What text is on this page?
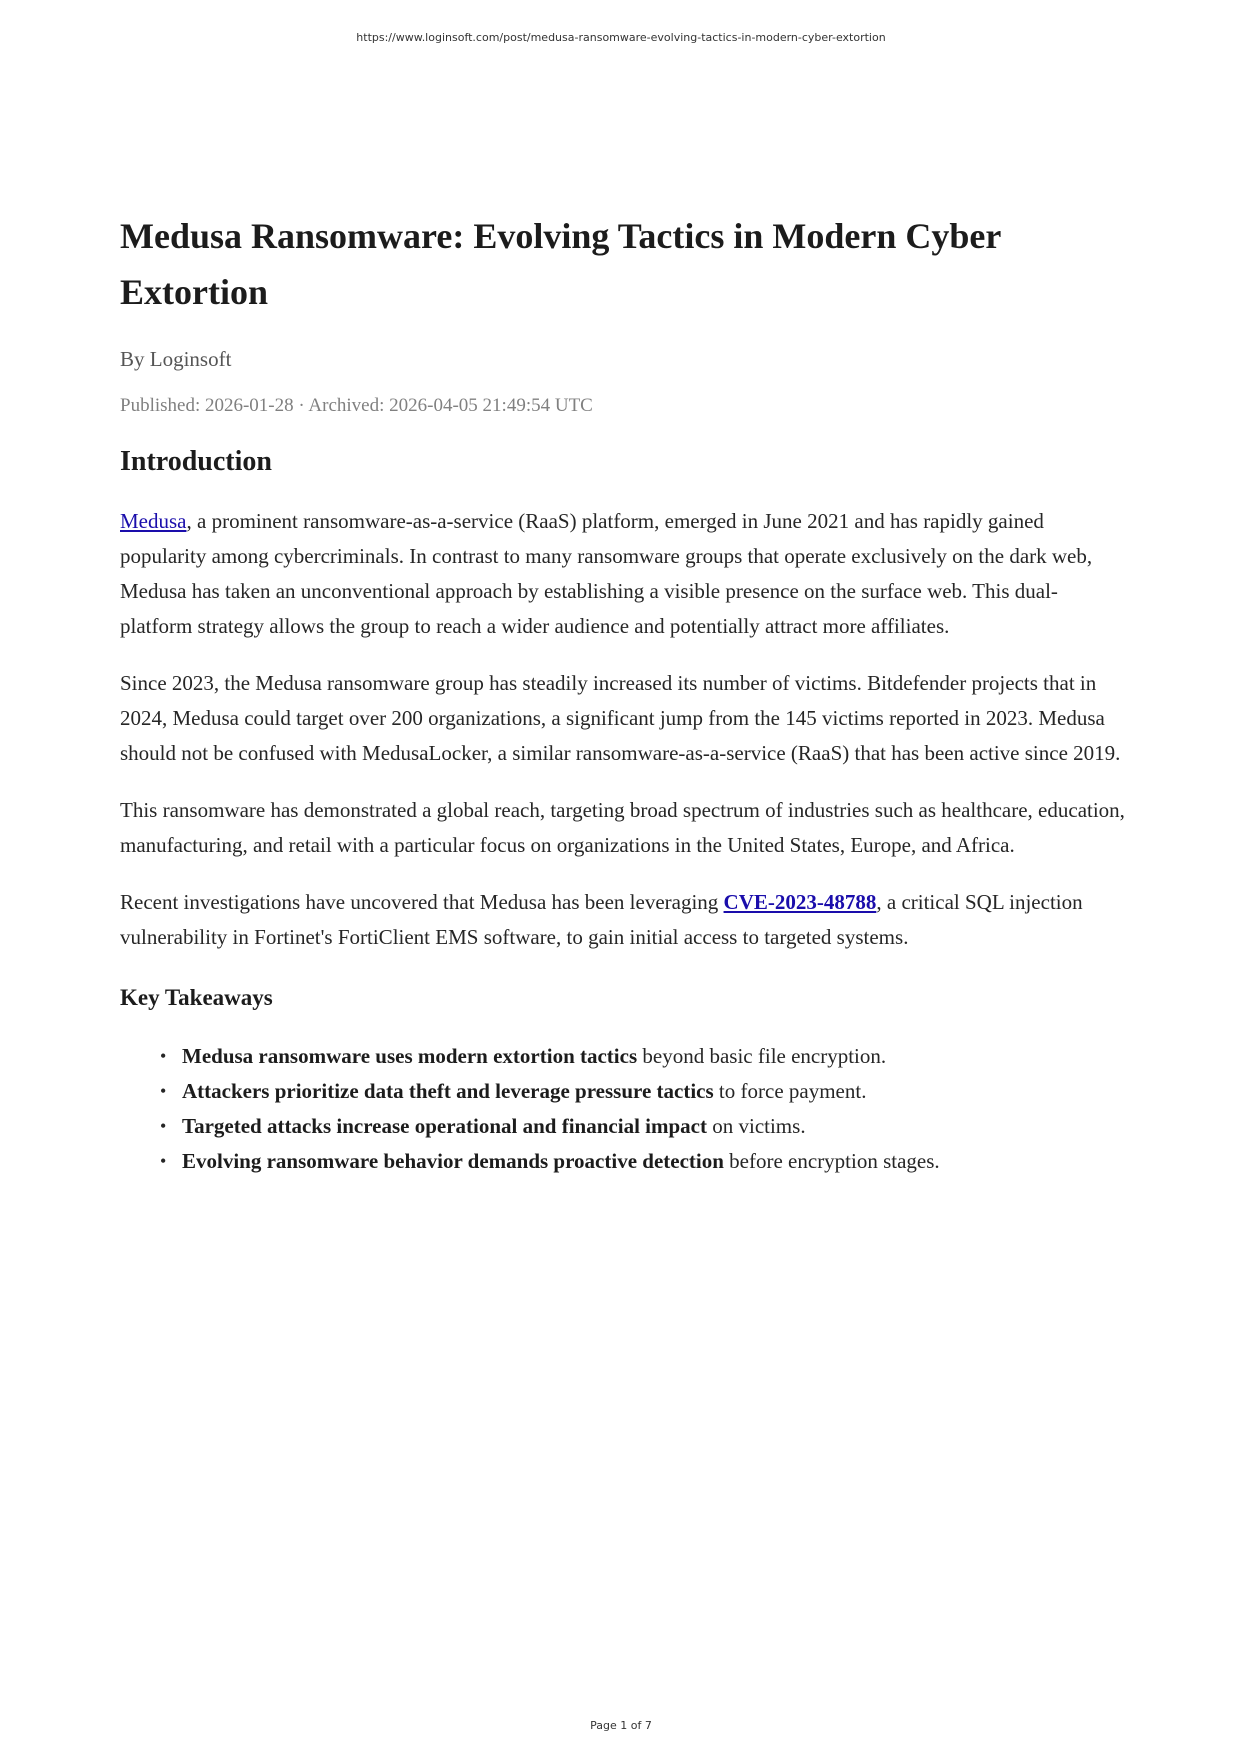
https://www.loginsoft.com/post/medusa-ransomware-evolving-tactics-in-modern-cyber-extortion
Medusa Ransomware: Evolving Tactics in Modern Cyber Extortion

By Loginsoft

Published: 2026-01-28 · Archived: 2026-04-05 21:49:54 UTC

Introduction

Medusa, a prominent ransomware-as-a-service (RaaS) platform, emerged in June 2021 and has rapidly gained popularity among cybercriminals. In contrast to many ransomware groups that operate exclusively on the dark web, Medusa has taken an unconventional approach by establishing a visible presence on the surface web. This dual-platform strategy allows the group to reach a wider audience and potentially attract more affiliates.

Since 2023, the Medusa ransomware group has steadily increased its number of victims. Bitdefender projects that in 2024, Medusa could target over 200 organizations, a significant jump from the 145 victims reported in 2023. Medusa should not be confused with MedusaLocker, a similar ransomware-as-a-service (RaaS) that has been active since 2019.

This ransomware has demonstrated a global reach, targeting broad spectrum of industries such as healthcare, education, manufacturing, and retail with a particular focus on organizations in the United States, Europe, and Africa.

Recent investigations have uncovered that Medusa has been leveraging CVE-2023-48788, a critical SQL injection vulnerability in Fortinet's FortiClient EMS software, to gain initial access to targeted systems.

Key Takeaways
• Medusa ransomware uses modern extortion tactics beyond basic file encryption.
• Attackers prioritize data theft and leverage pressure tactics to force payment.
• Targeted attacks increase operational and financial impact on victims.
• Evolving ransomware behavior demands proactive detection before encryption stages.
Page 1 of 7
